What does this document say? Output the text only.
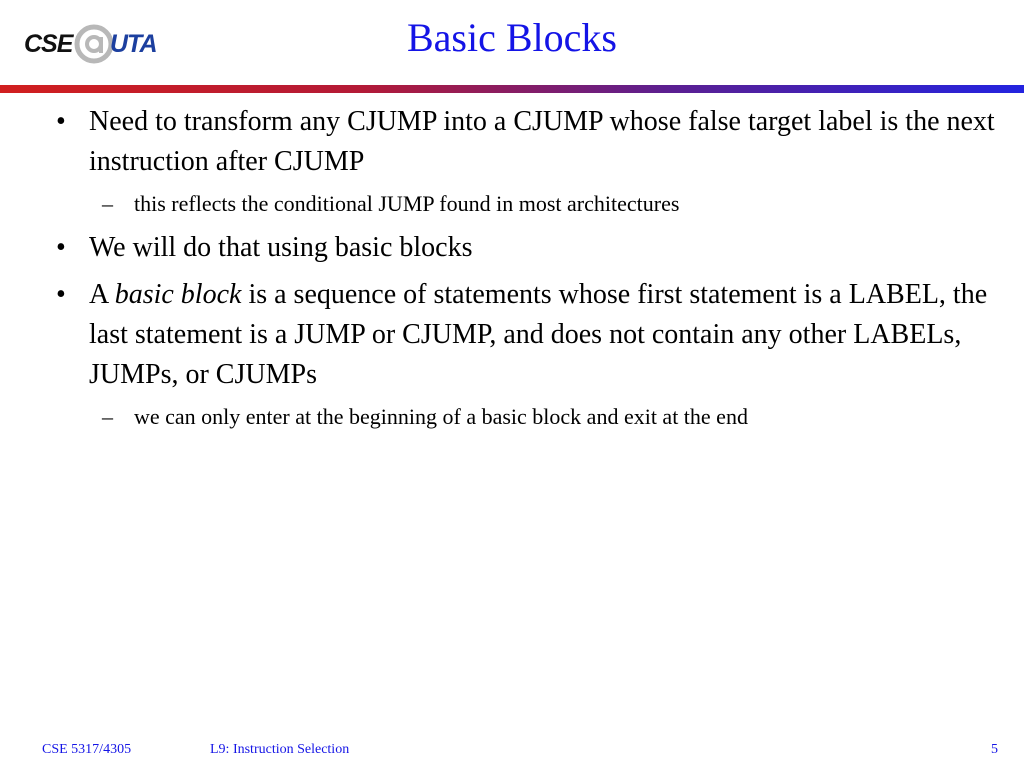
CSE UTA	Basic Blocks
• Need to transform any CJUMP into a CJUMP whose false target label is the next instruction after CJUMP
– this reflects the conditional JUMP found in most architectures
• We will do that using basic blocks
• A basic block is a sequence of statements whose first statement is a LABEL, the last statement is a JUMP or CJUMP, and does not contain any other LABELs, JUMPs, or CJUMPs
– we can only enter at the beginning of a basic block and exit at the end
CSE 5317/4305	L9: Instruction Selection	5
